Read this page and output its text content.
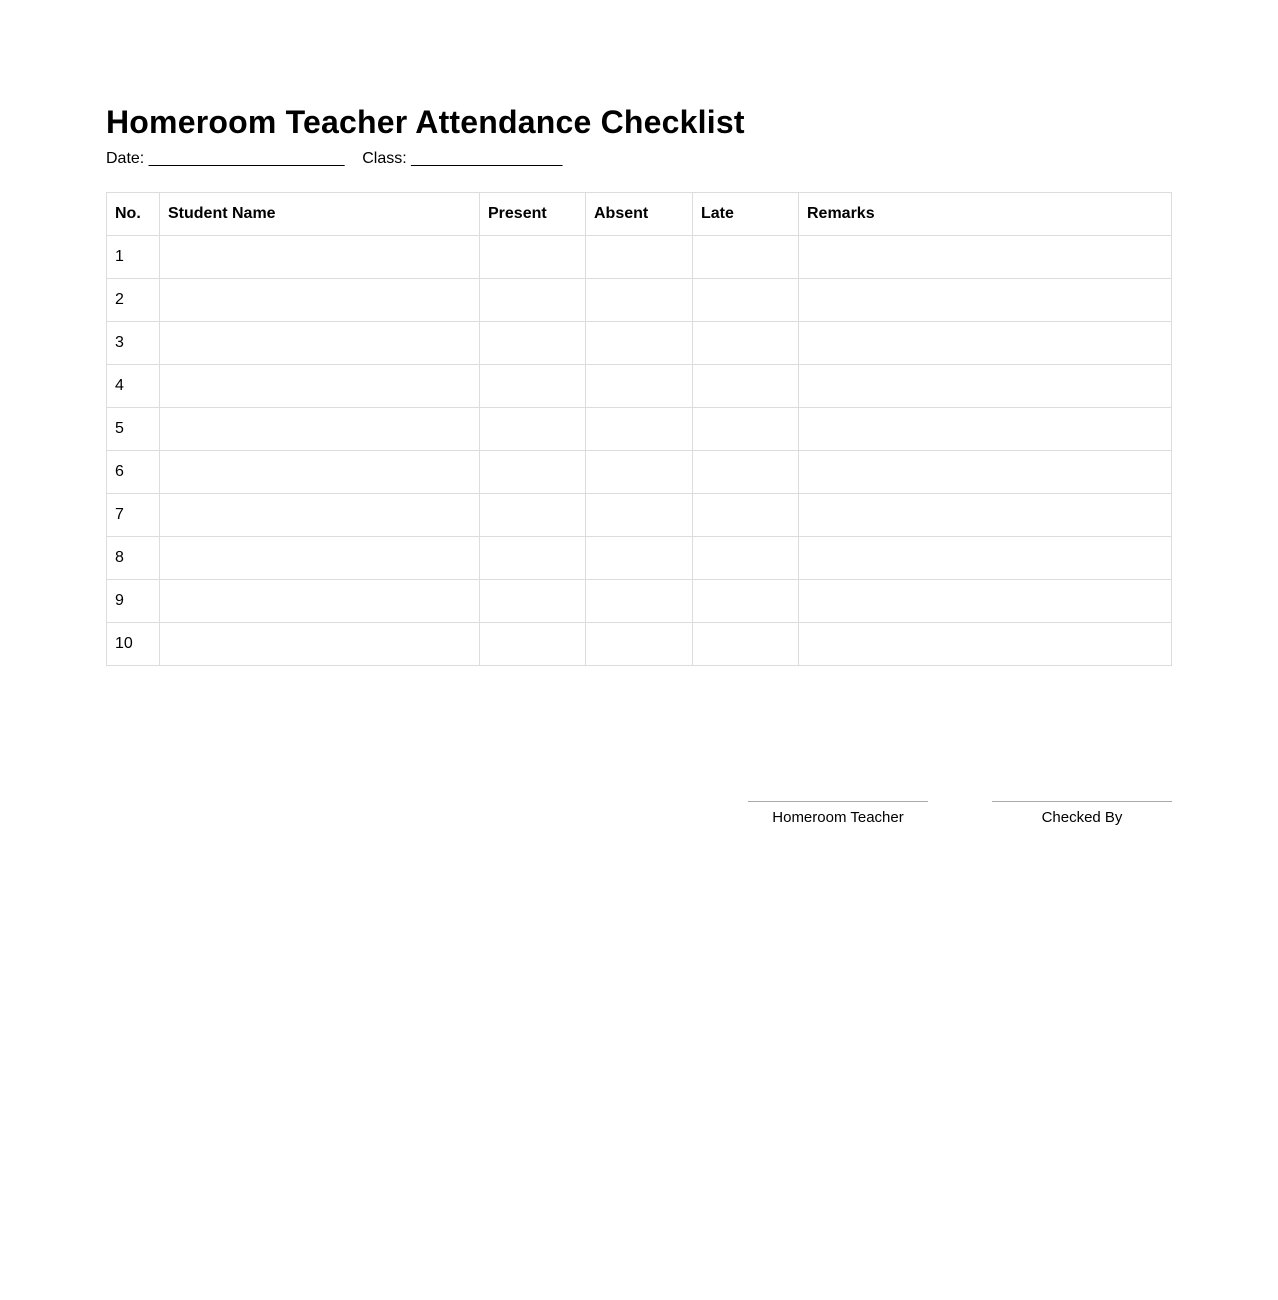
Homeroom Teacher Attendance Checklist
Date: ______________________ Class: _________________
No.	Student Name	Present	Absent	Late	Remarks
1					
2					
3					
4					
5					
6					
7					
8					
9					
10					
Homeroom Teacher	Checked By
